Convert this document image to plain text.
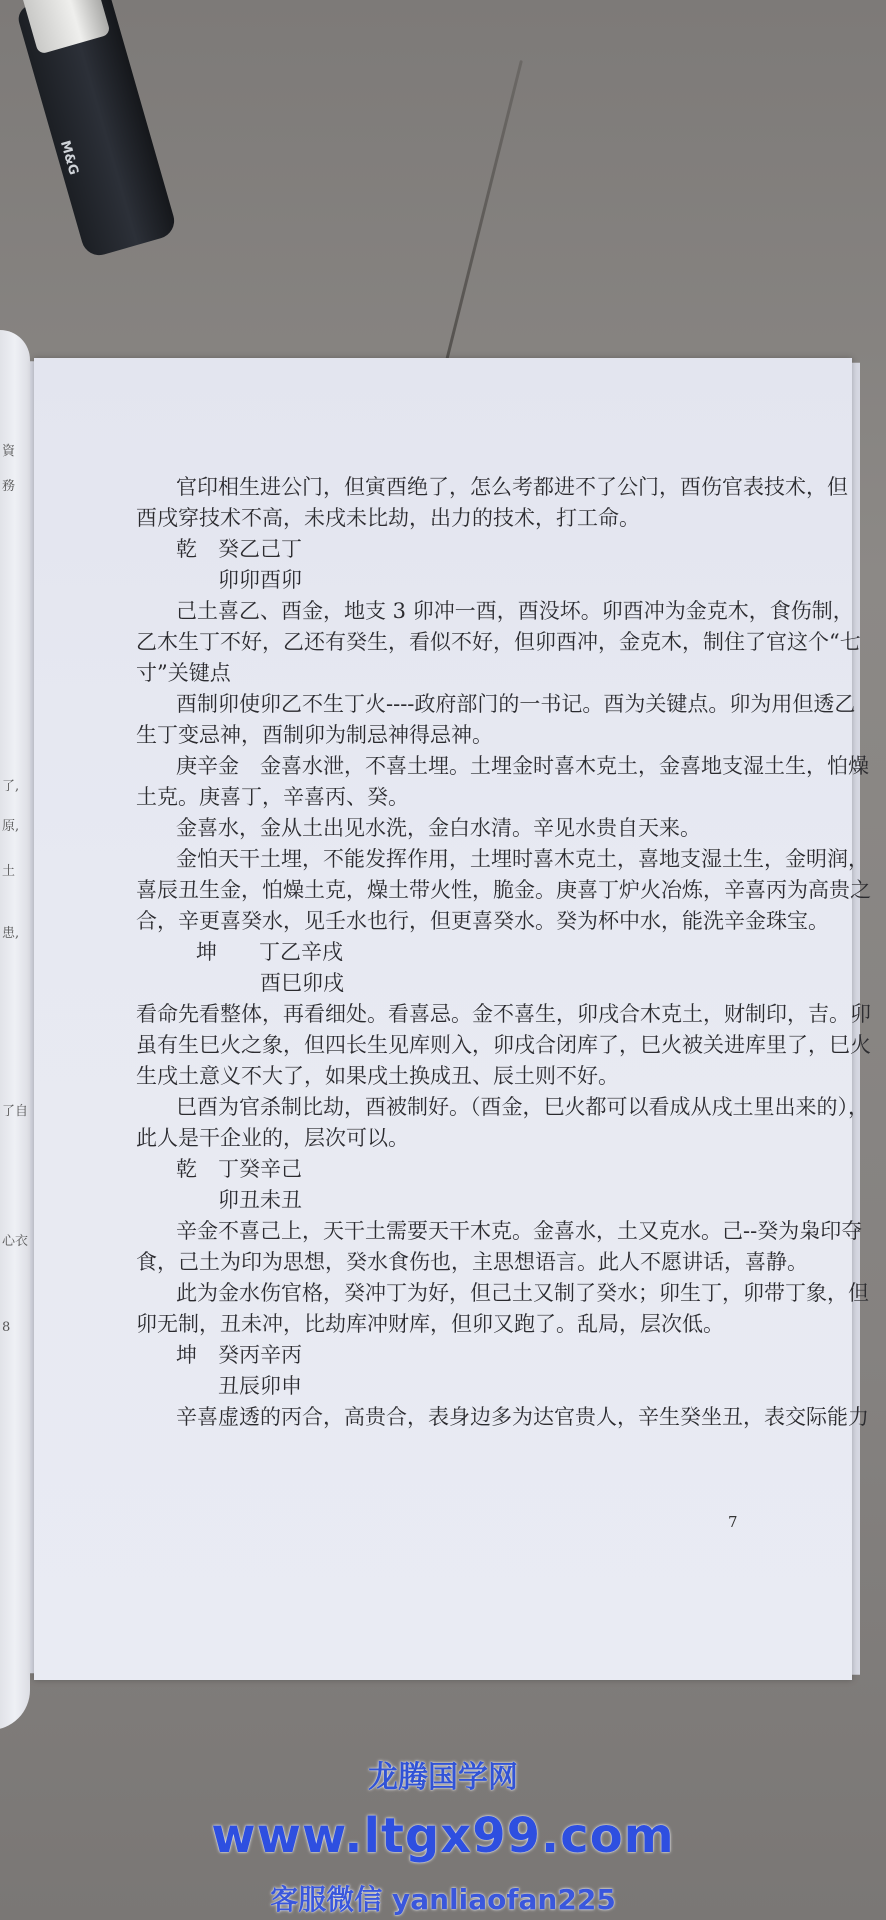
M&G
資
務
了,
原,
土
患,
了自
心衣
8
官印相生进公门，但寅酉绝了，怎么考都进不了公门，酉伤官表技术，但
酉戌穿技术不高，未戌未比劫，出力的技术，打工命。
乾　癸乙己丁
卯卯酉卯
己土喜乙、酉金，地支 3 卯冲一酉，酉没坏。卯酉冲为金克木，食伤制，
乙木生丁不好，乙还有癸生，看似不好，但卯酉冲，金克木，制住了官这个“七
寸”关键点
酉制卯使卯乙不生丁火----政府部门的一书记。酉为关键点。卯为用但透乙
生丁变忌神，酉制卯为制忌神得忌神。
庚辛金　金喜水泄，不喜土埋。土埋金时喜木克土，金喜地支湿土生，怕燥
土克。庚喜丁，辛喜丙、癸。
金喜水，金从土出见水洗，金白水清。辛见水贵自天来。
金怕天干土埋，不能发挥作用，土埋时喜木克土，喜地支湿土生，金明润，
喜辰丑生金，怕燥土克，燥土带火性，脆金。庚喜丁炉火冶炼，辛喜丙为高贵之
合，辛更喜癸水，见壬水也行，但更喜癸水。癸为杯中水，能洗辛金珠宝。
坤　　丁乙辛戌
酉巳卯戌
看命先看整体，再看细处。看喜忌。金不喜生，卯戌合木克土，财制印，吉。卯
虽有生巳火之象，但四长生见库则入，卯戌合闭库了，巳火被关进库里了，巳火
生戌土意义不大了，如果戌土换成丑、辰土则不好。
巳酉为官杀制比劫，酉被制好。（酉金，巳火都可以看成从戌土里出来的），
此人是干企业的，层次可以。
乾　丁癸辛己
卯丑未丑
辛金不喜己上，天干土需要天干木克。金喜水，土又克水。己--癸为枭印夺
食，己土为印为思想，癸水食伤也，主思想语言。此人不愿讲话，喜静。
此为金水伤官格，癸冲丁为好，但己土又制了癸水；卯生丁，卯带丁象，但
卯无制，丑未冲，比劫库冲财库，但卯又跑了。乱局，层次低。
坤　癸丙辛丙
丑辰卯申
辛喜虚透的丙合，高贵合，表身边多为达官贵人，辛生癸坐丑，表交际能力
7
龙腾国学网
www.ltgx99.com
客服微信 yanliaofan225
